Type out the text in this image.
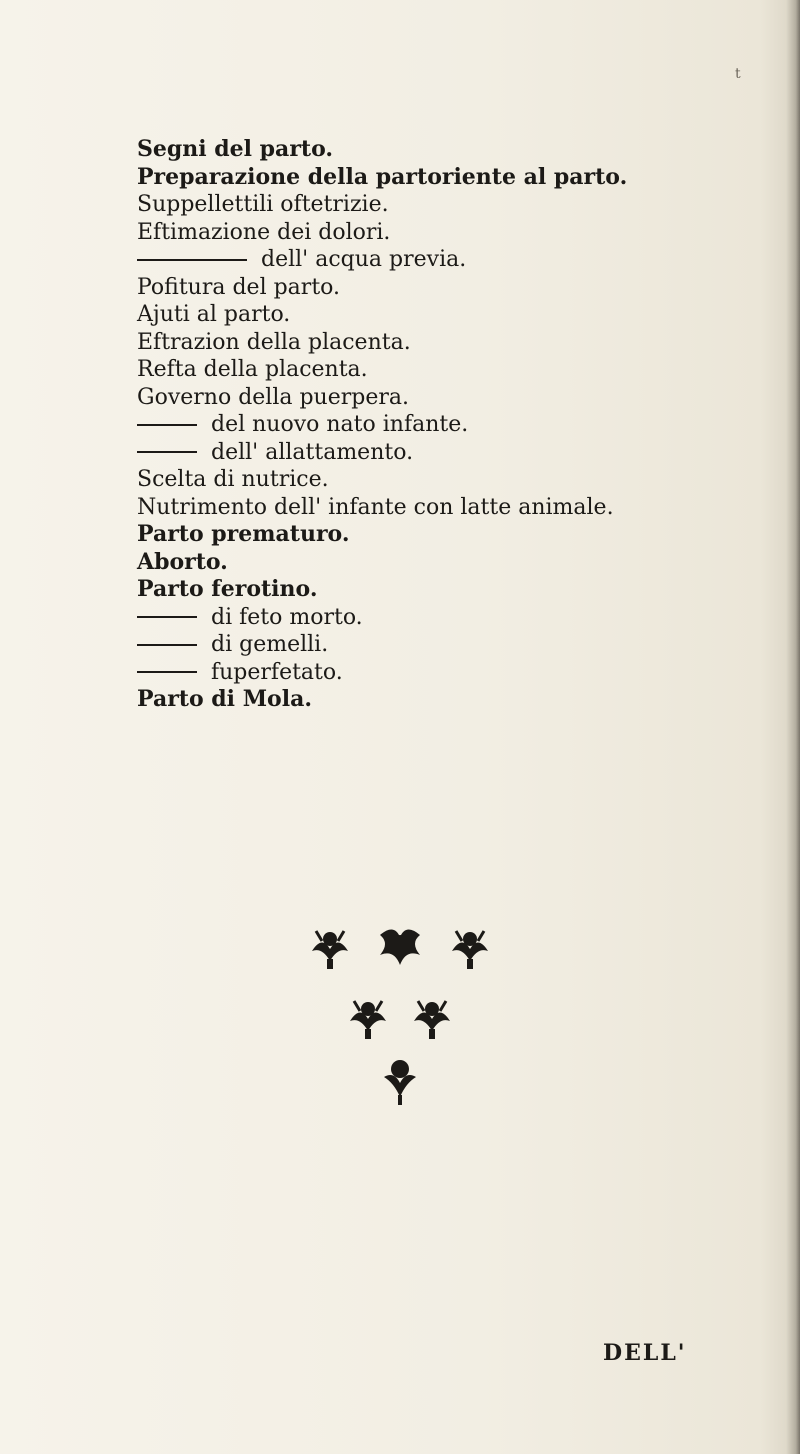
t
Segni del parto.
Preparazione della partoriente al parto.
Suppellettili oftetrizie.
Eftimazione dei dolori.
dell' acqua previa.
Pofitura del parto.
Ajuti al parto.
Eftrazion della placenta.
Refta della placenta.
Governo della puerpera.
del nuovo nato infante.
dell' allattamento.
Scelta di nutrice.
Nutrimento dell' infante con latte animale.
Parto prematuro.
Aborto.
Parto ferotino.
di feto morto.
di gemelli.
fuperfetato.
Parto di Mola.
DELL'
